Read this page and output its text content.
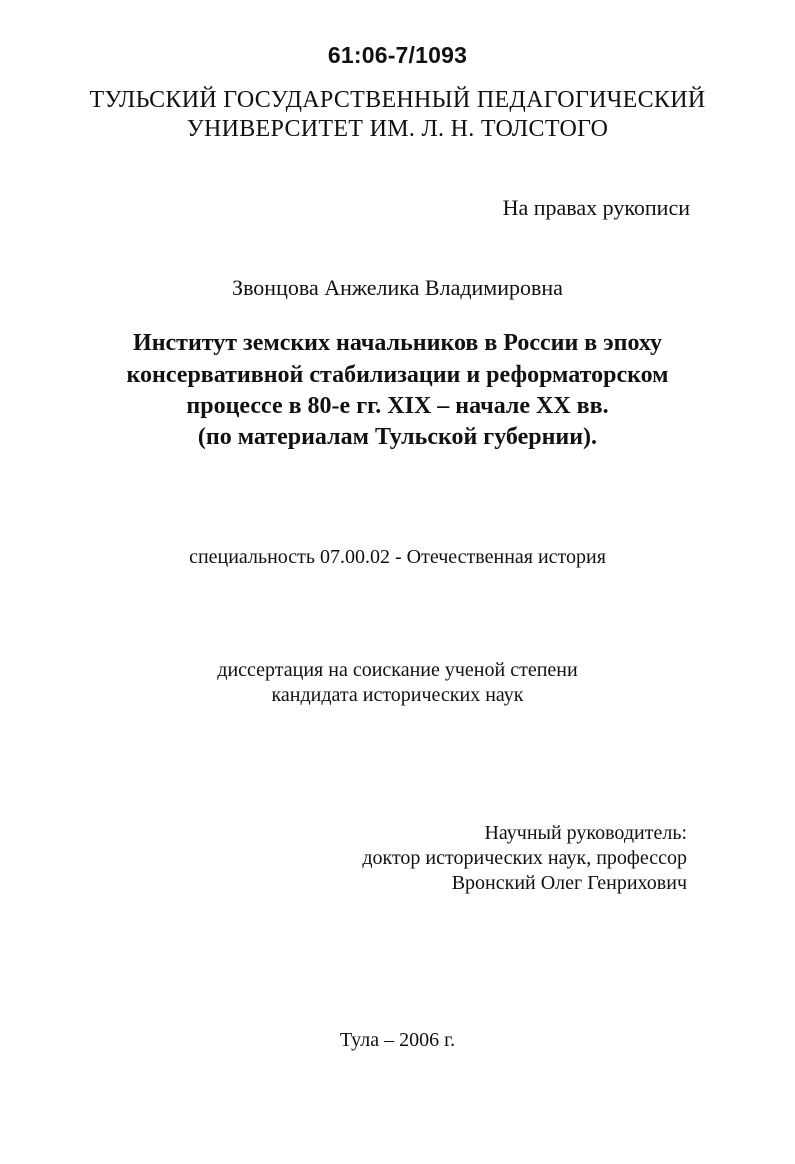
61:06-7/1093
ТУЛЬСКИЙ ГОСУДАРСТВЕННЫЙ ПЕДАГОГИЧЕСКИЙ
УНИВЕРСИТЕТ ИМ. Л. Н. ТОЛСТОГО
На правах рукописи
Звонцова Анжелика Владимировна
Институт земских начальников в России в эпоху
консервативной стабилизации и реформаторском
процессе в 80-е гг. XIX – начале XX вв.
(по материалам Тульской губернии).
специальность 07.00.02 - Отечественная история
диссертация на соискание ученой степени
кандидата исторических наук
Научный руководитель:
доктор исторических наук, профессор
Вронский Олег Генрихович
Тула – 2006 г.
